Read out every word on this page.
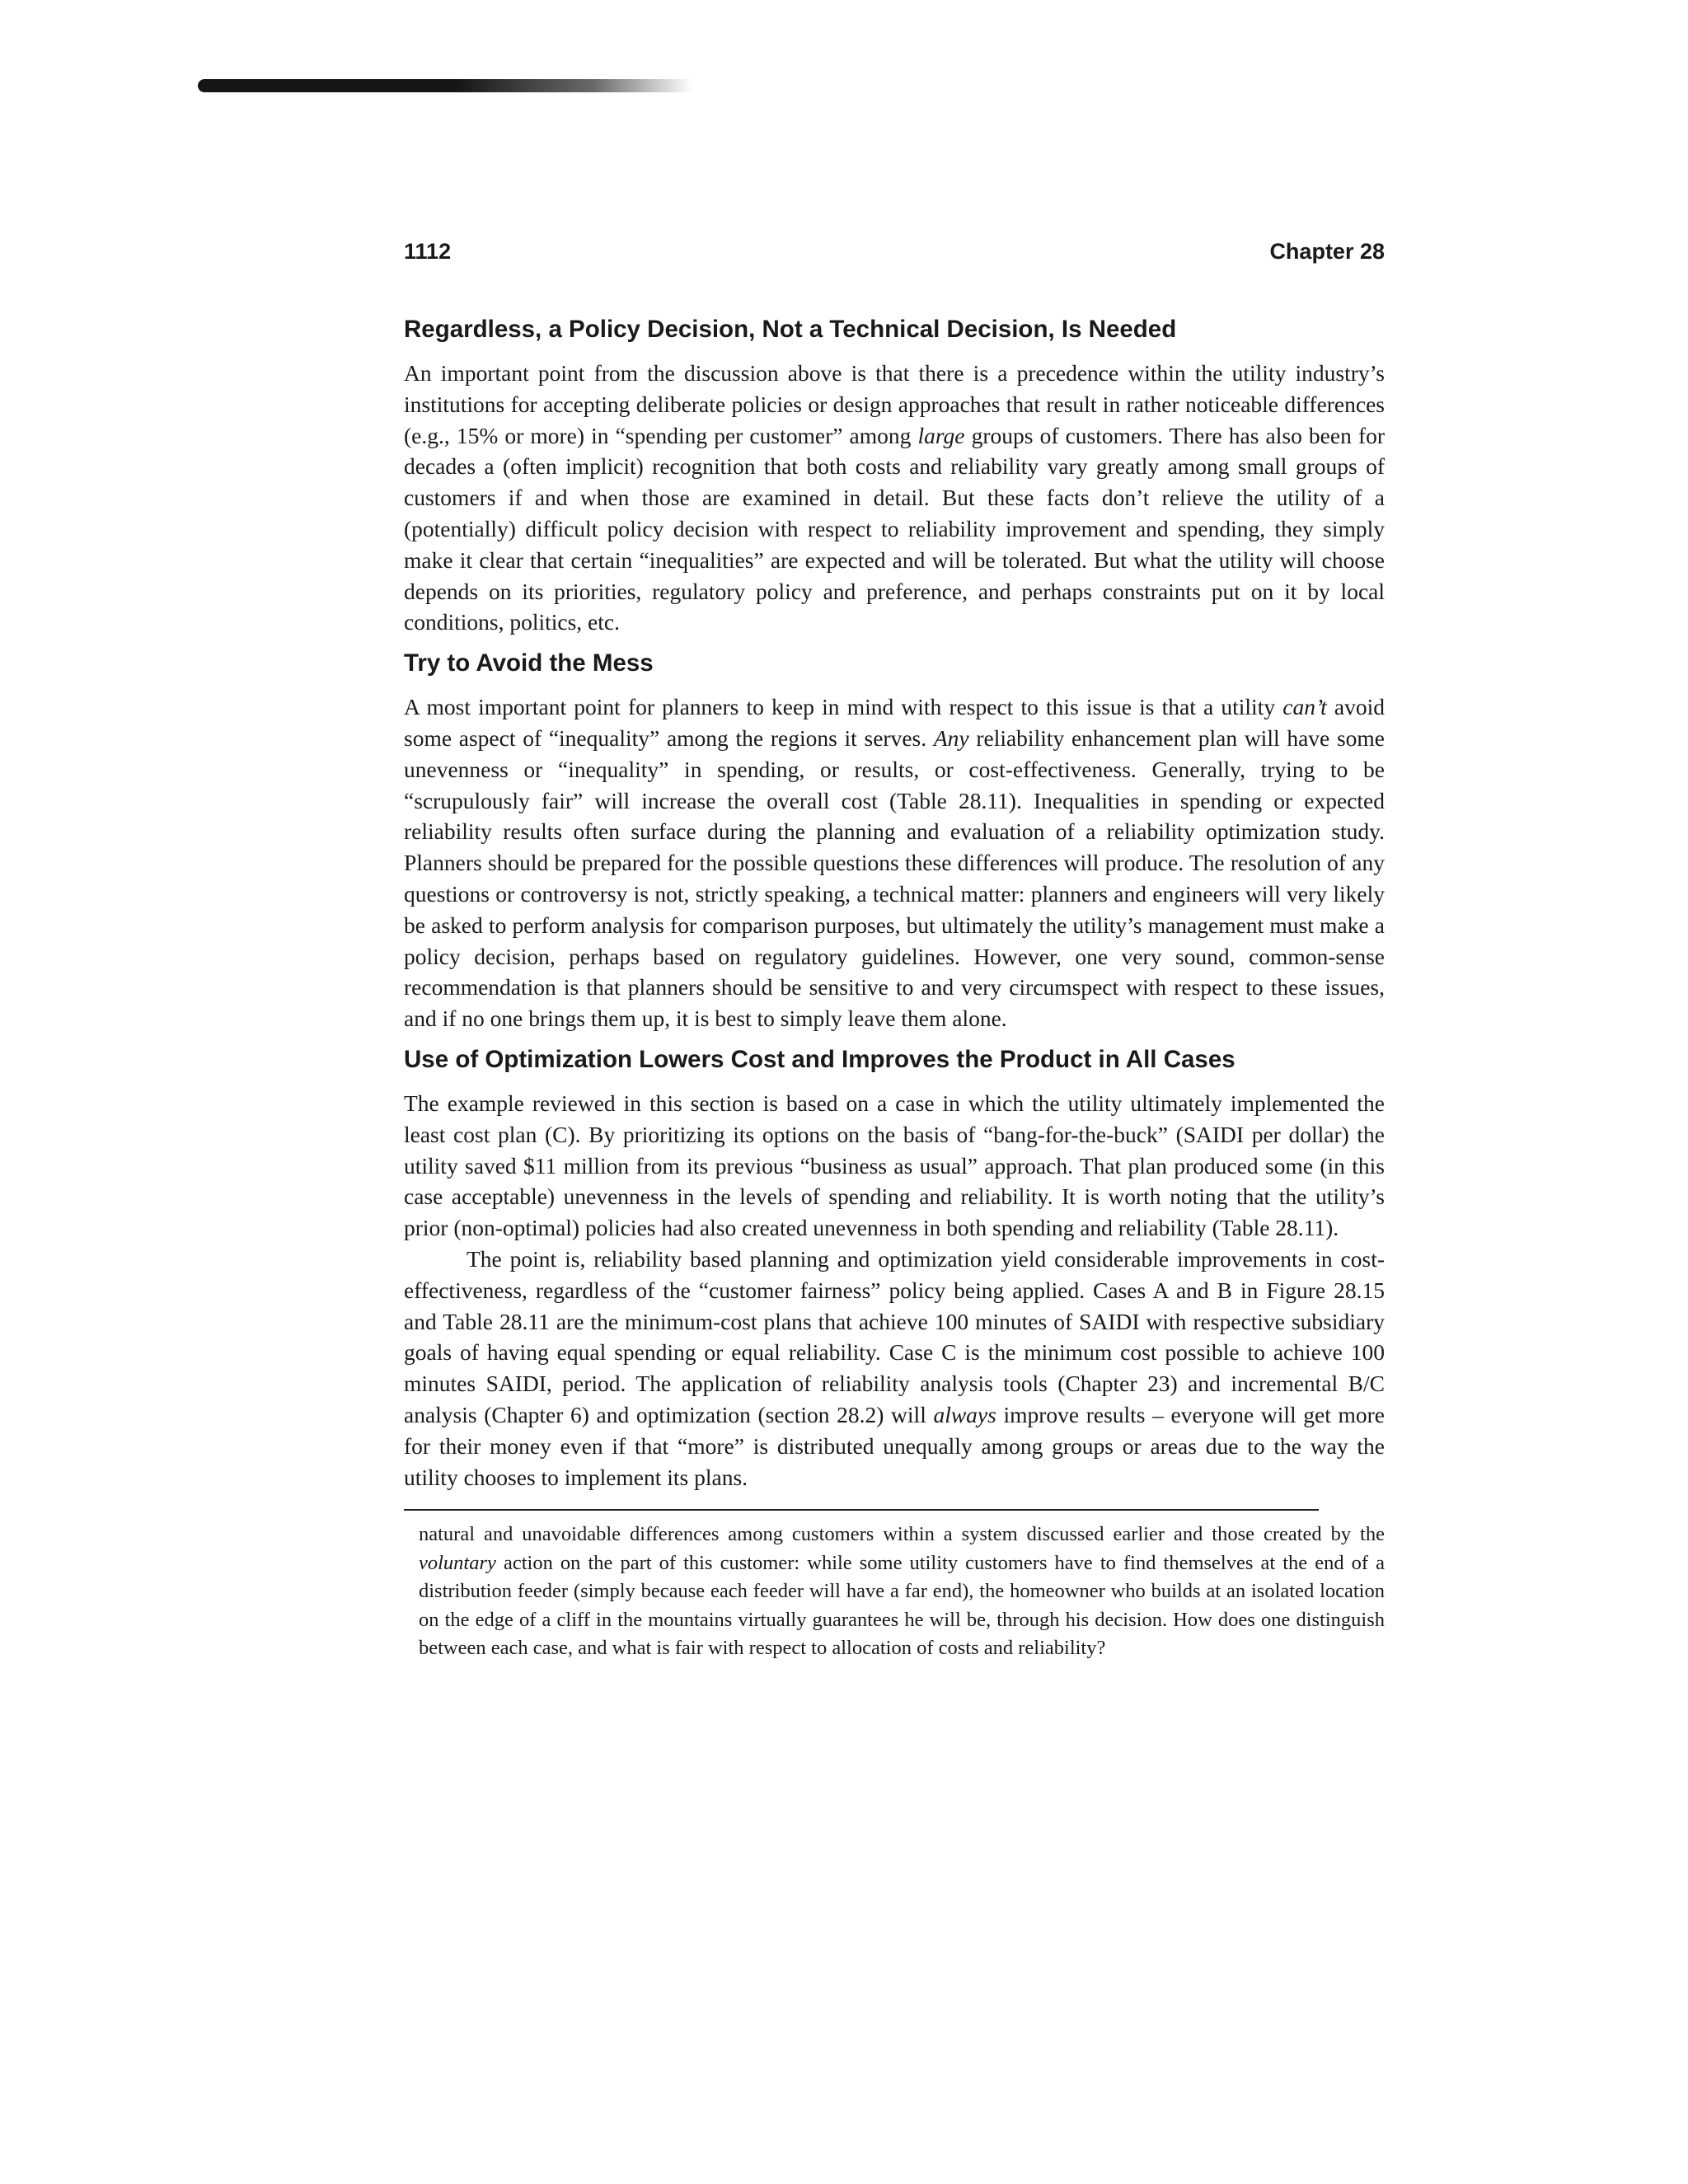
1112	Chapter 28
Regardless, a Policy Decision, Not a Technical Decision, Is Needed

An important point from the discussion above is that there is a precedence within the utility industry’s institutions for accepting deliberate policies or design approaches that result in rather noticeable differences (e.g., 15% or more) in “spending per customer” among large groups of customers. There has also been for decades a (often implicit) recognition that both costs and reliability vary greatly among small groups of customers if and when those are examined in detail. But these facts don’t relieve the utility of a (potentially) difficult policy decision with respect to reliability improvement and spending, they simply make it clear that certain “inequalities” are expected and will be tolerated. But what the utility will choose depends on its priorities, regulatory policy and preference, and perhaps constraints put on it by local conditions, politics, etc.

Try to Avoid the Mess

A most important point for planners to keep in mind with respect to this issue is that a utility can’t avoid some aspect of “inequality” among the regions it serves. Any reliability enhancement plan will have some unevenness or “inequality” in spending, or results, or cost-effectiveness. Generally, trying to be “scrupulously fair” will increase the overall cost (Table 28.11). Inequalities in spending or expected reliability results often surface during the planning and evaluation of a reliability optimization study. Planners should be prepared for the possible questions these differences will produce. The resolution of any questions or controversy is not, strictly speaking, a technical matter: planners and engineers will very likely be asked to perform analysis for comparison purposes, but ultimately the utility’s management must make a policy decision, perhaps based on regulatory guidelines. However, one very sound, common-sense recommendation is that planners should be sensitive to and very circumspect with respect to these issues, and if no one brings them up, it is best to simply leave them alone.

Use of Optimization Lowers Cost and Improves the Product in All Cases

The example reviewed in this section is based on a case in which the utility ultimately implemented the least cost plan (C). By prioritizing its options on the basis of “bang-for-the-buck” (SAIDI per dollar) the utility saved $11 million from its previous “business as usual” approach. That plan produced some (in this case acceptable) unevenness in the levels of spending and reliability. It is worth noting that the utility’s prior (non-optimal) policies had also created unevenness in both spending and reliability (Table 28.11).

The point is, reliability based planning and optimization yield considerable improvements in cost-effectiveness, regardless of the “customer fairness” policy being applied. Cases A and B in Figure 28.15 and Table 28.11 are the minimum-cost plans that achieve 100 minutes of SAIDI with respective subsidiary goals of having equal spending or equal reliability. Case C is the minimum cost possible to achieve 100 minutes SAIDI, period. The application of reliability analysis tools (Chapter 23) and incremental B/C analysis (Chapter 6) and optimization (section 28.2) will always improve results – everyone will get more for their money even if that “more” is distributed unequally among groups or areas due to the way the utility chooses to implement its plans.

natural and unavoidable differences among customers within a system discussed earlier and those created by the voluntary action on the part of this customer: while some utility customers have to find themselves at the end of a distribution feeder (simply because each feeder will have a far end), the homeowner who builds at an isolated location on the edge of a cliff in the mountains virtually guarantees he will be, through his decision. How does one distinguish between each case, and what is fair with respect to allocation of costs and reliability?
